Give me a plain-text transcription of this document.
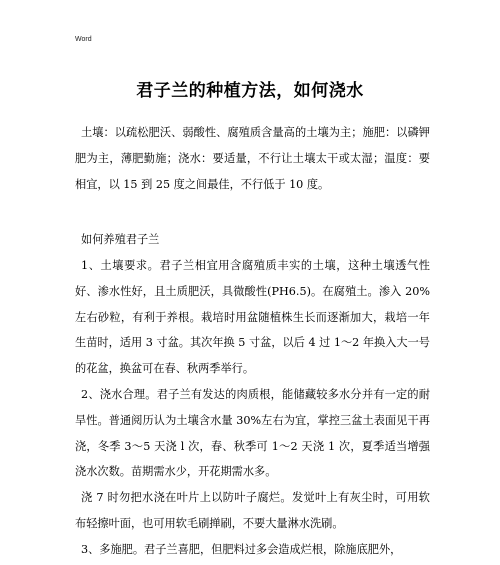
Word
君子兰的种植方法，如何浇水

土壤：以疏松肥沃、弱酸性、腐殖质含量高的土壤为主；施肥：以磷钾肥为主，薄肥勤施；浇水：要适量，不行让土壤太干或太湿；温度：要相宜，以 15 到 25 度之间最佳，不行低于 10 度。

如何养殖君子兰

1、土壤要求。君子兰相宜用含腐殖质丰实的土壤，这种土壤透气性好、渗水性好，且土质肥沃，具微酸性(PH6.5)。在腐殖土。渗入 20%左右砂粒，有利于养根。栽培时用盆随植株生长而逐渐加大，栽培一年生苗时，适用 3 寸盆。其次年换 5 寸盆，以后 4 过 1～2 年换入大一号的花盆，换盆可在春、秋两季举行。

2、浇水合理。君子兰有发达的肉质根，能储藏较多水分并有一定的耐旱性。普通阅历认为土壤含水量 30%左右为宜，掌控三盆土表面见干再浇，冬季 3～5 天浇 l 次，春、秋季可 1～2 天浇 1 次，夏季适当增强浇水次数。苗期需水少，开花期需水多。

浇 7 时勿把水浇在叶片上以防叶子腐烂。发觉叶上有灰尘时，可用软布轻擦叶面，也可用软毛刷掸刷，不要大量淋水洗刷。

3、多施肥。君子兰喜肥，但肥料过多会造成烂根，除施底肥外，
